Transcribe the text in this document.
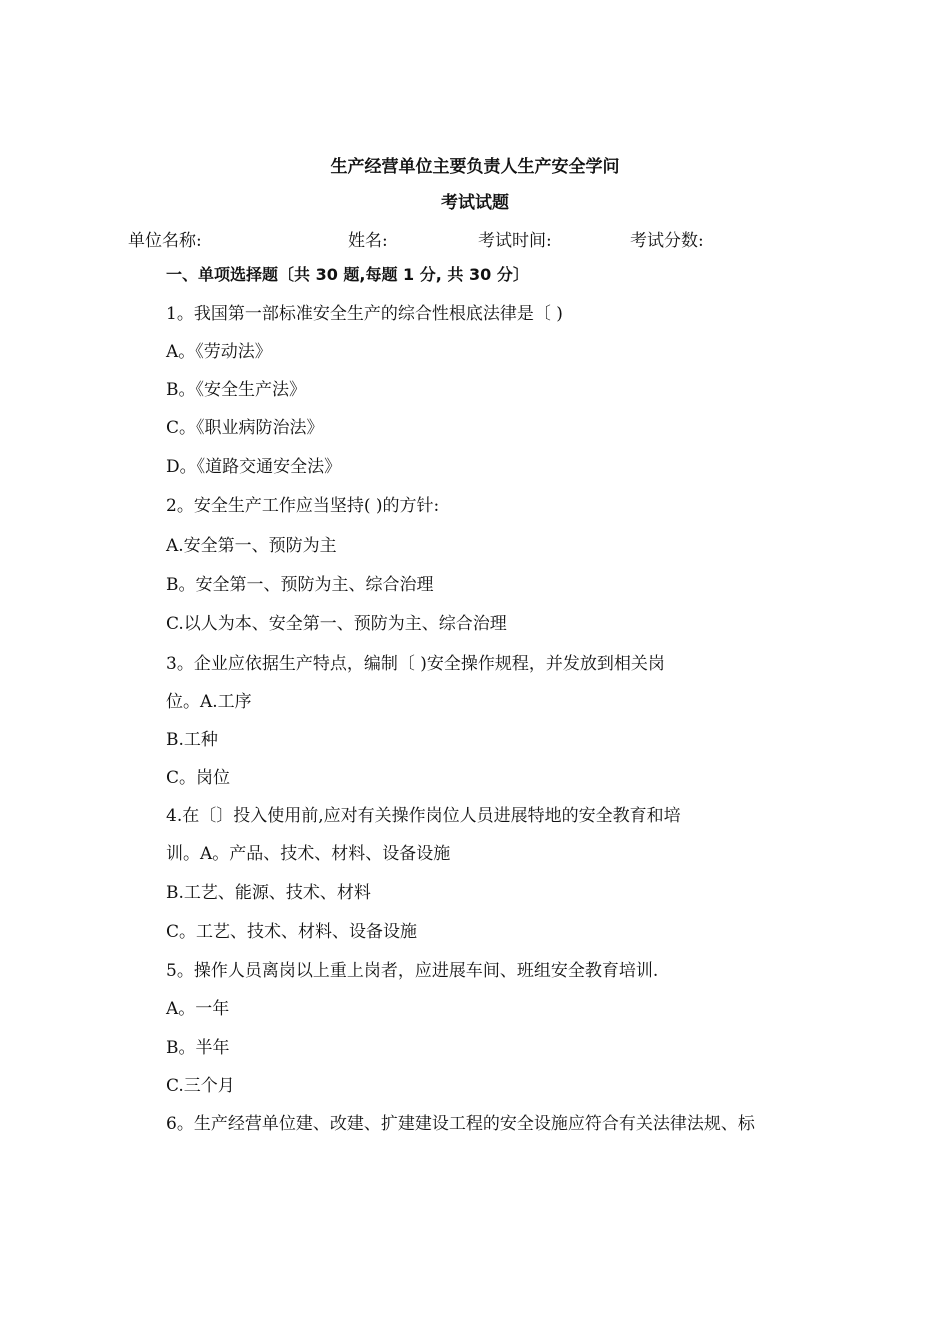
生产经营单位主要负责人生产安全学问
考试试题
单位名称:	姓名:	考试时间:	考试分数:
一、单项选择题〔共 30 题,每题 1 分, 共 30 分〕
1。我国第一部标准安全生产的综合性根底法律是〔 )
A。《劳动法》
B。《安全生产法》
C。《职业病防治法》
D。《道路交通安全法》
2。安全生产工作应当坚持( )的方针:
A.安全第一、预防为主
B。安全第一、预防为主、综合治理
C.以人为本、安全第一、预防为主、综合治理
3。企业应依据生产特点，编制〔 )安全操作规程，并发放到相关岗
位。A.工序
B.工种
C。岗位
4.在〔〕投入使用前,应对有关操作岗位人员进展特地的安全教育和培
训。A。产品、技术、材料、设备设施
B.工艺、能源、技术、材料
C。工艺、技术、材料、设备设施
5。操作人员离岗以上重上岗者，应进展车间、班组安全教育培训.
A。一年
B。半年
C.三个月
6。生产经营单位建、改建、扩建建设工程的安全设施应符合有关法律法规、标
